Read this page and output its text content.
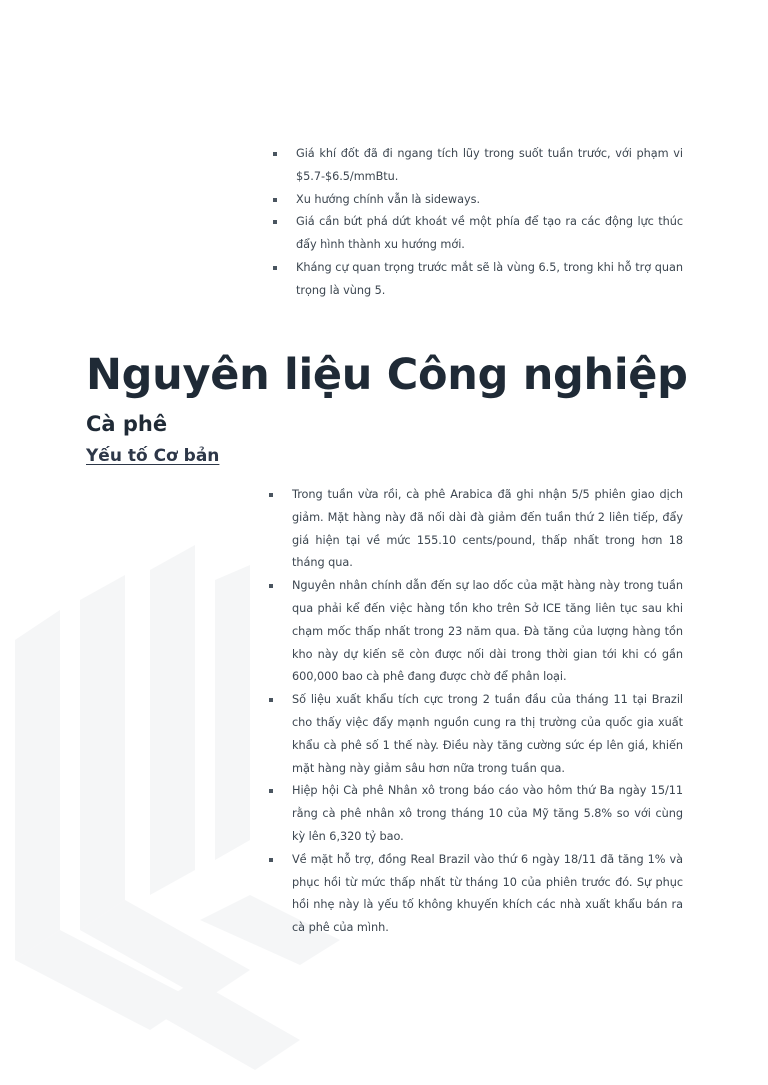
Giá khí đốt đã đi ngang tích lũy trong suốt tuần trước, với phạm vi $5.7-$6.5/mmBtu.
Xu hướng chính vẫn là sideways.
Giá cần bứt phá dứt khoát về một phía để tạo ra các động lực thúc đẩy hình thành xu hướng mới.
Kháng cự quan trọng trước mắt sẽ là vùng 6.5, trong khi hỗ trợ quan trọng là vùng 5.
Nguyên liệu Công nghiệp
Cà phê
Yếu tố Cơ bản
Trong tuần vừa rồi, cà phê Arabica đã ghi nhận 5/5 phiên giao dịch giảm. Mặt hàng này đã nối dài đà giảm đến tuần thứ 2 liên tiếp, đẩy giá hiện tại về mức 155.10 cents/pound, thấp nhất trong hơn 18 tháng qua.
Nguyên nhân chính dẫn đến sự lao dốc của mặt hàng này trong tuần qua phải kể đến việc hàng tồn kho trên Sở ICE tăng liên tục sau khi chạm mốc thấp nhất trong 23 năm qua. Đà tăng của lượng hàng tồn kho này dự kiến sẽ còn được nối dài trong thời gian tới khi có gần 600,000 bao cà phê đang được chờ để phân loại.
Số liệu xuất khẩu tích cực trong 2 tuần đầu của tháng 11 tại Brazil cho thấy việc đẩy mạnh nguồn cung ra thị trường của quốc gia xuất khẩu cà phê số 1 thế này. Điều này tăng cường sức ép lên giá, khiến mặt hàng này giảm sâu hơn nữa trong tuần qua.
Hiệp hội Cà phê Nhân xô trong báo cáo vào hôm thứ Ba ngày 15/11 rằng cà phê nhân xô trong tháng 10 của Mỹ tăng 5.8% so với cùng kỳ lên 6,320 tỷ bao.
Về mặt hỗ trợ, đồng Real Brazil vào thứ 6 ngày 18/11 đã tăng 1% và phục hồi từ mức thấp nhất từ tháng 10 của phiên trước đó. Sự phục hồi nhẹ này là yếu tố không khuyến khích các nhà xuất khẩu bán ra cà phê của mình.
